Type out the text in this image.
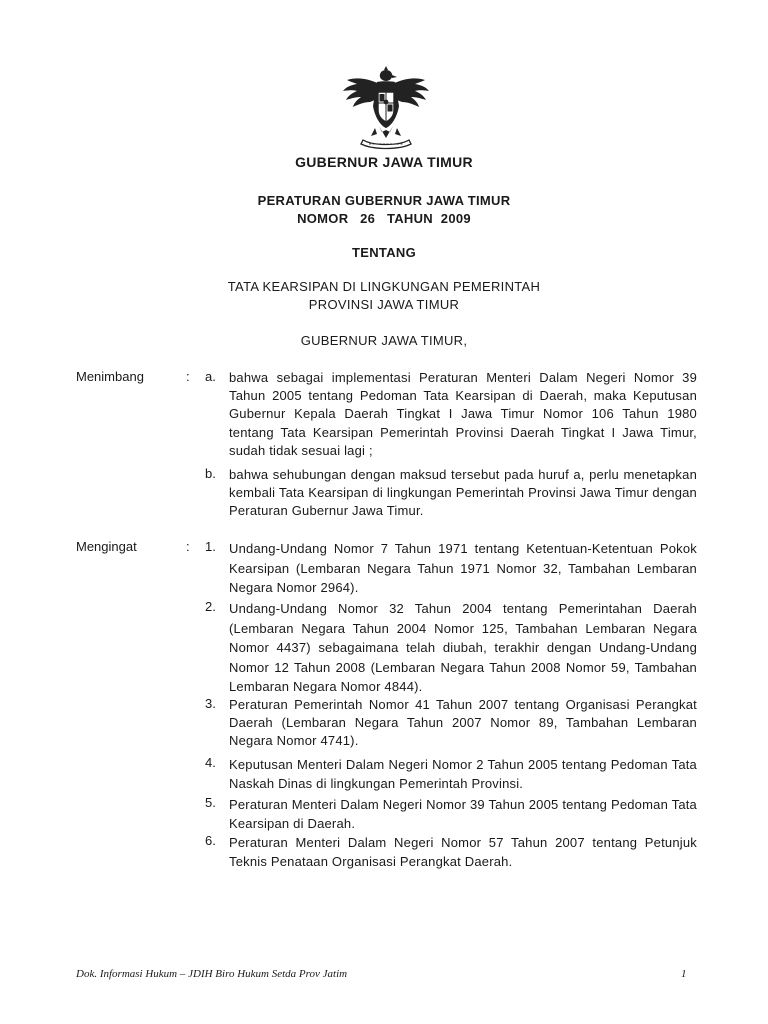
GUBERNUR JAWA TIMUR
PERATURAN GUBERNUR JAWA TIMUR
NOMOR   26   TAHUN  2009
TENTANG
TATA KEARSIPAN DI LINGKUNGAN PEMERINTAH
PROVINSI JAWA TIMUR
GUBERNUR JAWA TIMUR,
Menimbang	: a. bahwa sebagai implementasi Peraturan Menteri Dalam Negeri Nomor 39 Tahun 2005 tentang Pedoman Tata Kearsipan di Daerah, maka Keputusan Gubernur Kepala Daerah Tingkat I Jawa Timur Nomor 106 Tahun 1980 tentang Tata Kearsipan Pemerintah Provinsi Daerah Tingkat I Jawa Timur, sudah tidak sesuai lagi ;
b. bahwa sehubungan dengan maksud tersebut pada huruf a, perlu menetapkan kembali Tata Kearsipan di lingkungan Pemerintah Provinsi Jawa Timur dengan Peraturan Gubernur Jawa Timur.
Mengingat	: 1. Undang-Undang Nomor 7 Tahun 1971 tentang Ketentuan-Ketentuan Pokok Kearsipan (Lembaran Negara Tahun 1971 Nomor 32, Tambahan Lembaran Negara Nomor 2964).
2. Undang-Undang Nomor 32 Tahun 2004 tentang Pemerintahan Daerah (Lembaran Negara Tahun 2004 Nomor 125, Tambahan Lembaran Negara Nomor 4437) sebagaimana telah diubah, terakhir dengan Undang-Undang Nomor 12 Tahun 2008 (Lembaran Negara Tahun 2008 Nomor 59, Tambahan Lembaran Negara Nomor 4844).
3. Peraturan Pemerintah Nomor 41 Tahun 2007 tentang Organisasi Perangkat Daerah (Lembaran Negara Tahun 2007 Nomor 89, Tambahan Lembaran Negara Nomor 4741).
4. Keputusan Menteri Dalam Negeri Nomor 2 Tahun 2005 tentang Pedoman Tata Naskah Dinas di lingkungan Pemerintah Provinsi.
5. Peraturan Menteri Dalam Negeri Nomor 39 Tahun 2005 tentang Pedoman Tata Kearsipan di Daerah.
6. Peraturan Menteri Dalam Negeri Nomor 57 Tahun 2007 tentang Petunjuk Teknis Penataan Organisasi Perangkat Daerah.
Dok. Informasi Hukum – JDIH Biro Hukum Setda Prov Jatim	1
